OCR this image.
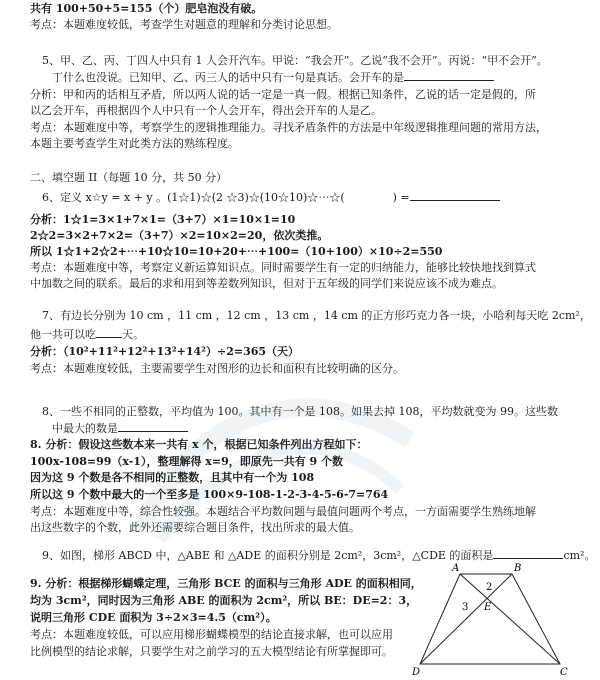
共有 100+50+5=155（个）肥皂泡没有破。
考点：本题难度较低，考查学生对题意的理解和分类讨论思想。
5、甲、乙、丙、丁四人中只有 1 人会开汽车。甲说：“我会开”。乙说“我不会开”。丙说：“甲不会开”。
丁什么也没说。已知甲、乙、丙三人的话中只有一句是真话。会开车的是
分析：甲和丙的话相互矛盾，所以两人说的话一定是一真一假。根据已知条件，乙说的话一定是假的，所
以乙会开车，再根据四个人中只有一个人会开车，得出会开车的人是乙。
考点：本题难度中等，考察学生的逻辑推理能力。寻找矛盾条件的方法是中年级逻辑推理问题的常用方法，
本题主要考查学生对此类方法的熟练程度。
二、填空题 II（每题 10 分，共 50 分）
6、定义 x☆y = x + y 。(1☆1)☆(2 ☆3)☆(10☆10)☆⋯☆(	) =
分析：1☆1=3×1+7×1=（3+7）×1=10×1=10
2☆2=3×2+7×2=（3+7）×2=10×2=20，依次类推。
所以 1☆1+2☆2+⋯+10☆10=10+20+⋯+100=（10+100）×10÷2=550
考点：本题难度中等，考察定义新运算知识点。同时需要学生有一定的归纳能力，能够比较快地找到算式
中加数之间的联系。最后的求和用到等差数列知识，但对于五年级的同学们来说应该不成为难点。
7、有边长分别为 10 cm ，11 cm ，12 cm ，13 cm ，14 cm 的正方形巧克力各一块，小哈利每天吃 2cm²，
他一共可以吃 天。
分析：（10²+11²+12²+13²+14²）÷2=365（天）
考点：本题难度较低，主要需要学生对图形的边长和面积有比较明确的区分。
8、一些不相同的正整数，平均值为 100。其中有一个是 108。如果去掉 108，平均数就变为 99。这些数
中最大的数是
8. 分析：假设这些数本来一共有 x 个，根据已知条件列出方程如下：
100x-108=99（x-1），整理解得 x=9，即原先一共有 9 个数
因为这 9 个数是各不相同的正整数，且其中有一个为 108
所以这 9 个数中最大的一个至多是 100×9-108-1-2-3-4-5-6-7=764
考点：本题难度中等，综合性较强。本题结合平均数问题与最值问题两个考点，一方面需要学生熟练地解
出这些数字的个数，此外还需要综合题目条件，找出所求的最大值。
9、如图，梯形 ABCD 中，△ABE 和 △ADE 的面积分别是 2cm²，3cm²，△CDE 的面积是	cm²。
9. 分析：根据梯形蝴蝶定理，三角形 BCE 的面积与三角形 ADE 的面积相同，
均为 3cm²，同时因为三角形 ABE 的面积为 2cm²，所以 BE：DE=2：3，
说明三角形 CDE 面积为 3÷2×3=4.5（cm²）。
考点：本题难度较低，可以应用梯形蝴蝶模型的结论直接求解，也可以应用
比例模型的结论求解，只要学生对之前学习的五大模型结论有所掌握即可。
A	B
C
D
E
2
3
